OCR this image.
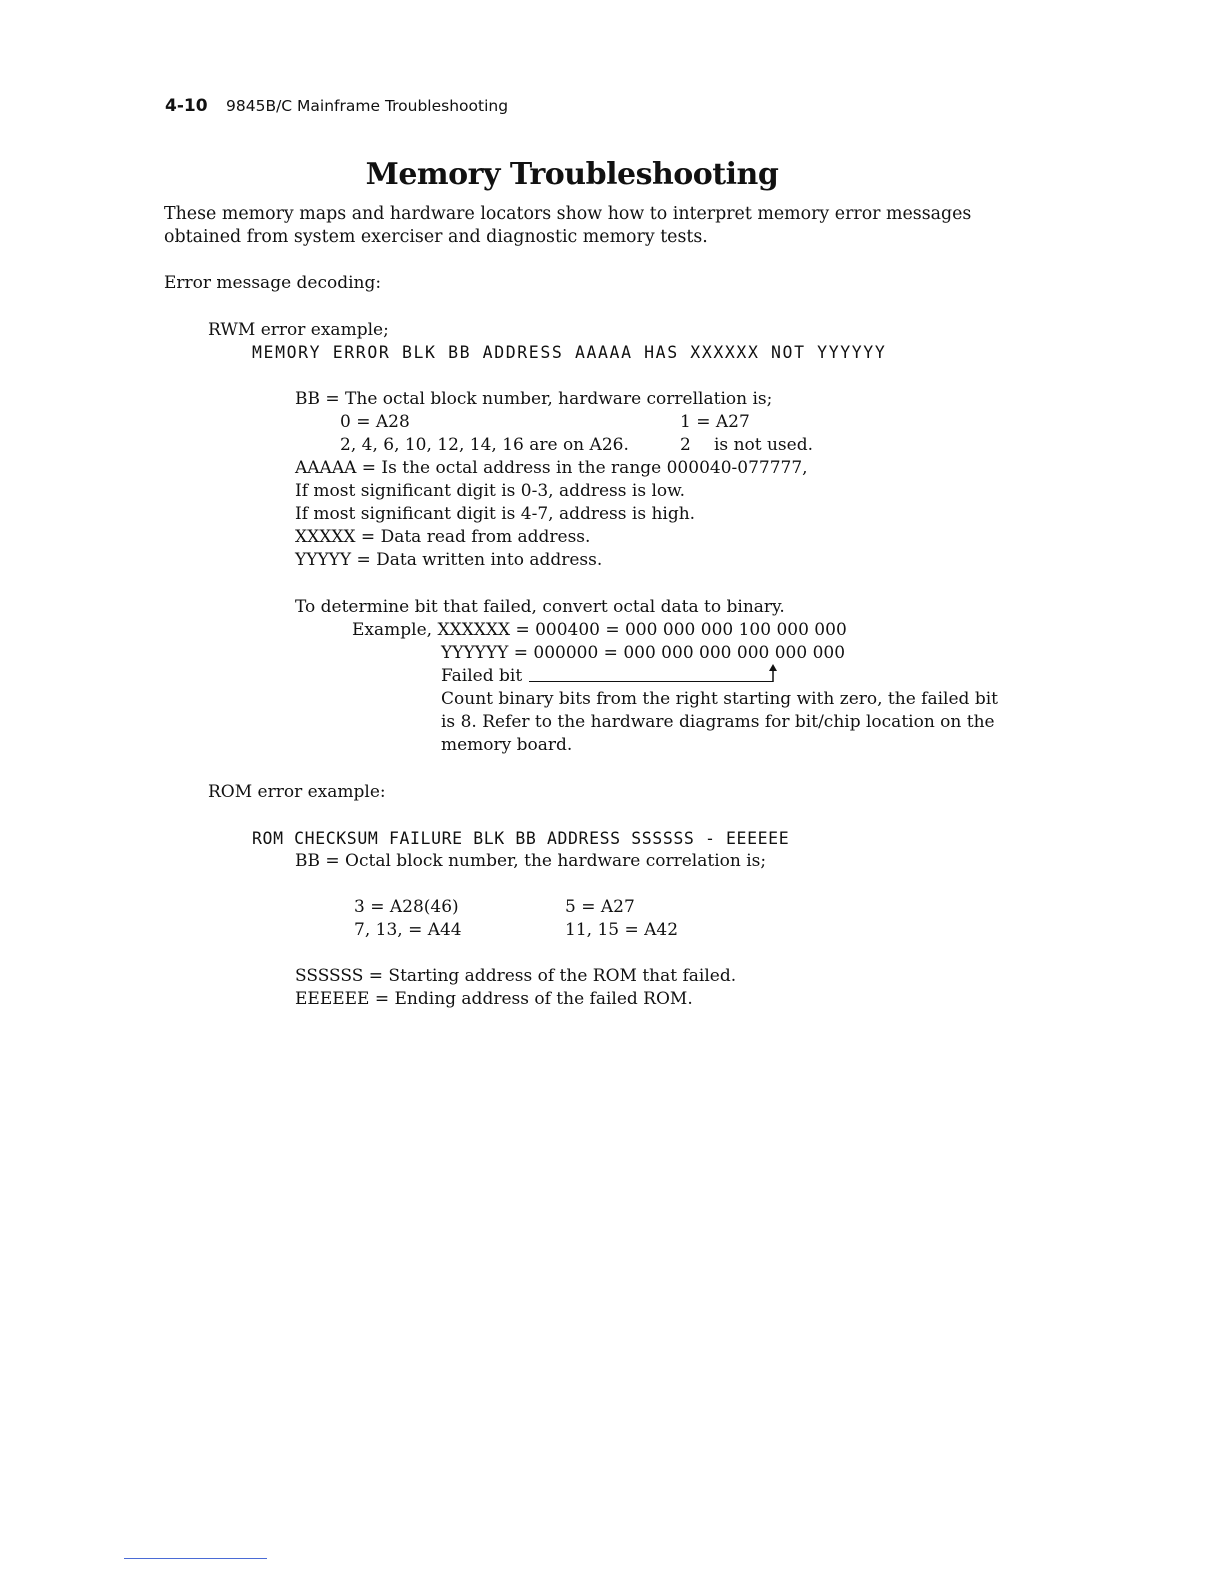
4-10 9845B/C Mainframe Troubleshooting
Memory Troubleshooting
These memory maps and hardware locators show how to interpret memory error messages
obtained from system exerciser and diagnostic memory tests.
Error message decoding:
RWM error example;
MEMORY ERROR BLK BB ADDRESS AAAAA HAS XXXXXX NOT YYYYYY
BB = The octal block number, hardware correllation is;
0 = A28	1 = A27
2, 4, 6, 10, 12, 14, 16 are on A26.	2 is not used.
AAAAA = Is the octal address in the range 000040-077777,
If most significant digit is 0-3, address is low.
If most significant digit is 4-7, address is high.
XXXXX = Data read from address.
YYYYY = Data written into address.
To determine bit that failed, convert octal data to binary.
Example, XXXXXX = 000400 = 000 000 000 100 000 000
YYYYYY = 000000 = 000 000 000 000 000 000
Failed bit
Count binary bits from the right starting with zero, the failed bit
is 8. Refer to the hardware diagrams for bit/chip location on the
memory board.
ROM error example:
ROM CHECKSUM FAILURE BLK BB ADDRESS SSSSSS - EEEEEE
BB = Octal block number, the hardware correlation is;
3 = A28(46)	5 = A27
7, 13, = A44	11, 15 = A42
SSSSSS = Starting address of the ROM that failed.
EEEEEE = Ending address of the failed ROM.
